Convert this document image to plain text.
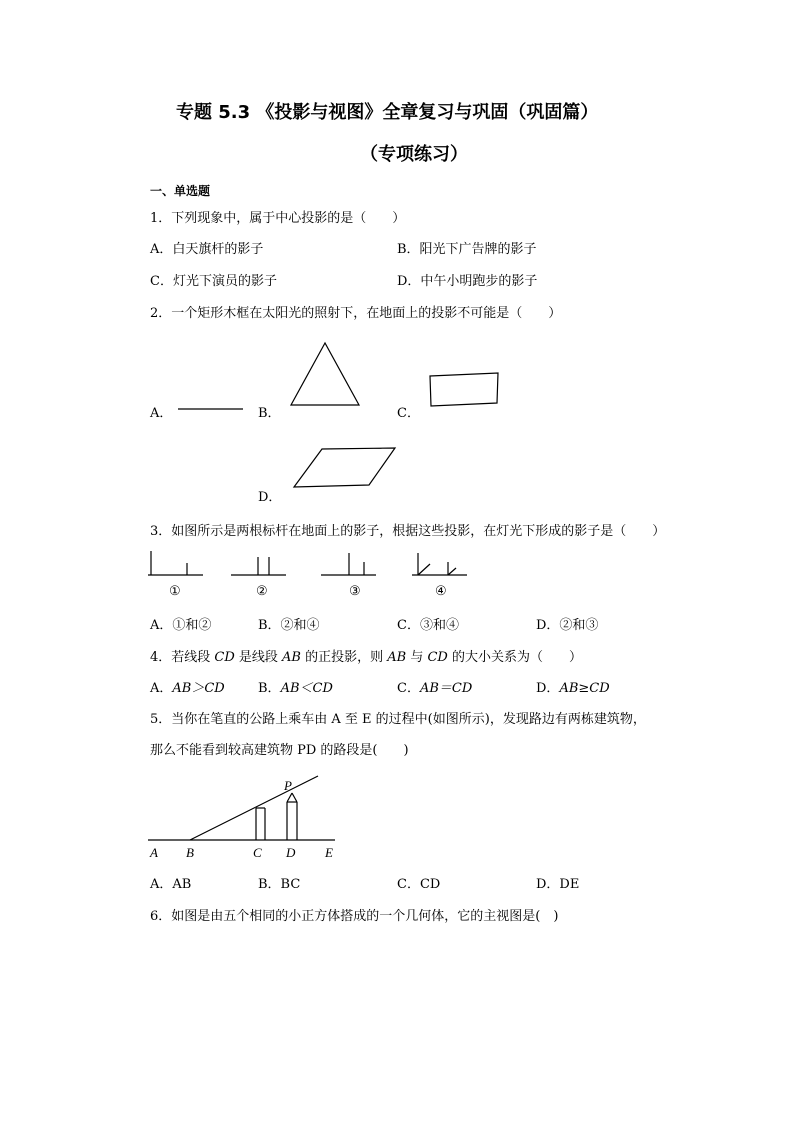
专题 5.3 《投影与视图》全章复习与巩固（巩固篇）
（专项练习）
一、单选题
1．下列现象中，属于中心投影的是（　　）
A．白天旗杆的影子	B．阳光下广告牌的影子
C．灯光下演员的影子	D．中午小明跑步的影子
2．一个矩形木框在太阳光的照射下，在地面上的投影不可能是（　　）
A．	B．	C．
D．
3．如图所示是两根标杆在地面上的影子，根据这些投影，在灯光下形成的影子是（　　）
①	②	③	④
A．①和②	B．②和④	C．③和④	D．②和③
4．若线段 CD 是线段 AB 的正投影，则 AB 与 CD 的大小关系为（　　）
A．AB＞CD	B．AB＜CD	C．AB＝CD	D．AB≥CD
5．当你在笔直的公路上乘车由 A 至 E 的过程中(如图所示)，发现路边有两栋建筑物，
那么不能看到较高建筑物 PD 的路段是(　　)
A B	C D E
P
A．AB	B．BC	C．CD	D．DE
6．如图是由五个相同的小正方体搭成的一个几何体，它的主视图是(　)
